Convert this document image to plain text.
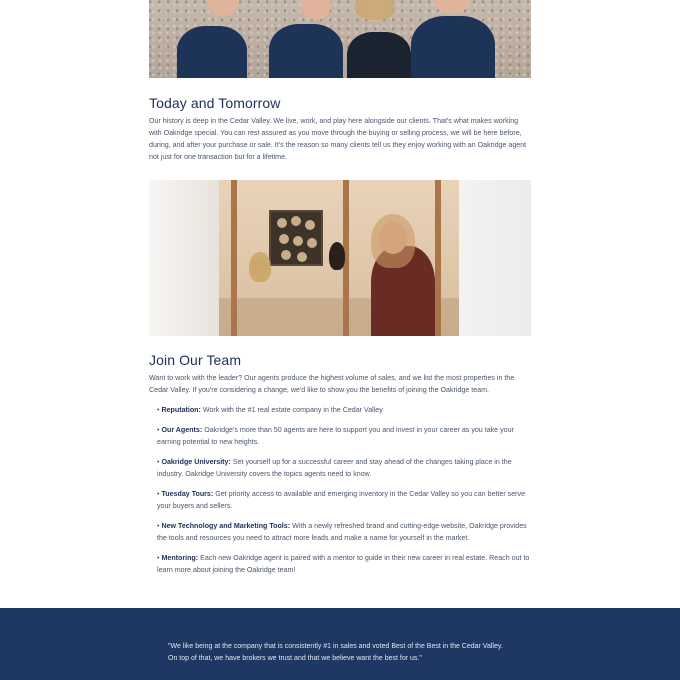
Today and Tomorrow

Our history is deep in the Cedar Valley. We live, work, and play here alongside our clients. That's what makes working with Oakridge special. You can rest assured as you move through the buying or selling process, we will be here before, during, and after your purchase or sale. It's the reason so many clients tell us they enjoy working with an Oakridge agent not just for one transaction but for a lifetime.

Join Our Team

Want to work with the leader? Our agents produce the highest volume of sales, and we list the most properties in the Cedar Valley. If you're considering a change, we'd like to show you the benefits of joining the Oakridge team.

• Reputation: Work with the #1 real estate company in the Cedar Valley
• Our Agents: Oakridge's more than 50 agents are here to support you and invest in your career as you take your earning potential to new heights.
• Oakridge University: Set yourself up for a successful career and stay ahead of the changes taking place in the industry. Oakridge University covers the topics agents need to know.
• Tuesday Tours: Get priority access to available and emerging inventory in the Cedar Valley so you can better serve your buyers and sellers.
• New Technology and Marketing Tools: With a newly refreshed brand and cutting-edge website, Oakridge provides the tools and resources you need to attract more leads and make a name for yourself in the market.
• Mentoring: Each new Oakridge agent is paired with a mentor to guide in their new career in real estate. Reach out to learn more about joining the Oakridge team!

"We like being at the company that is consistently #1 in sales and voted Best of the Best in the Cedar Valley. On top of that, we have brokers we trust and that we believe want the best for us."
